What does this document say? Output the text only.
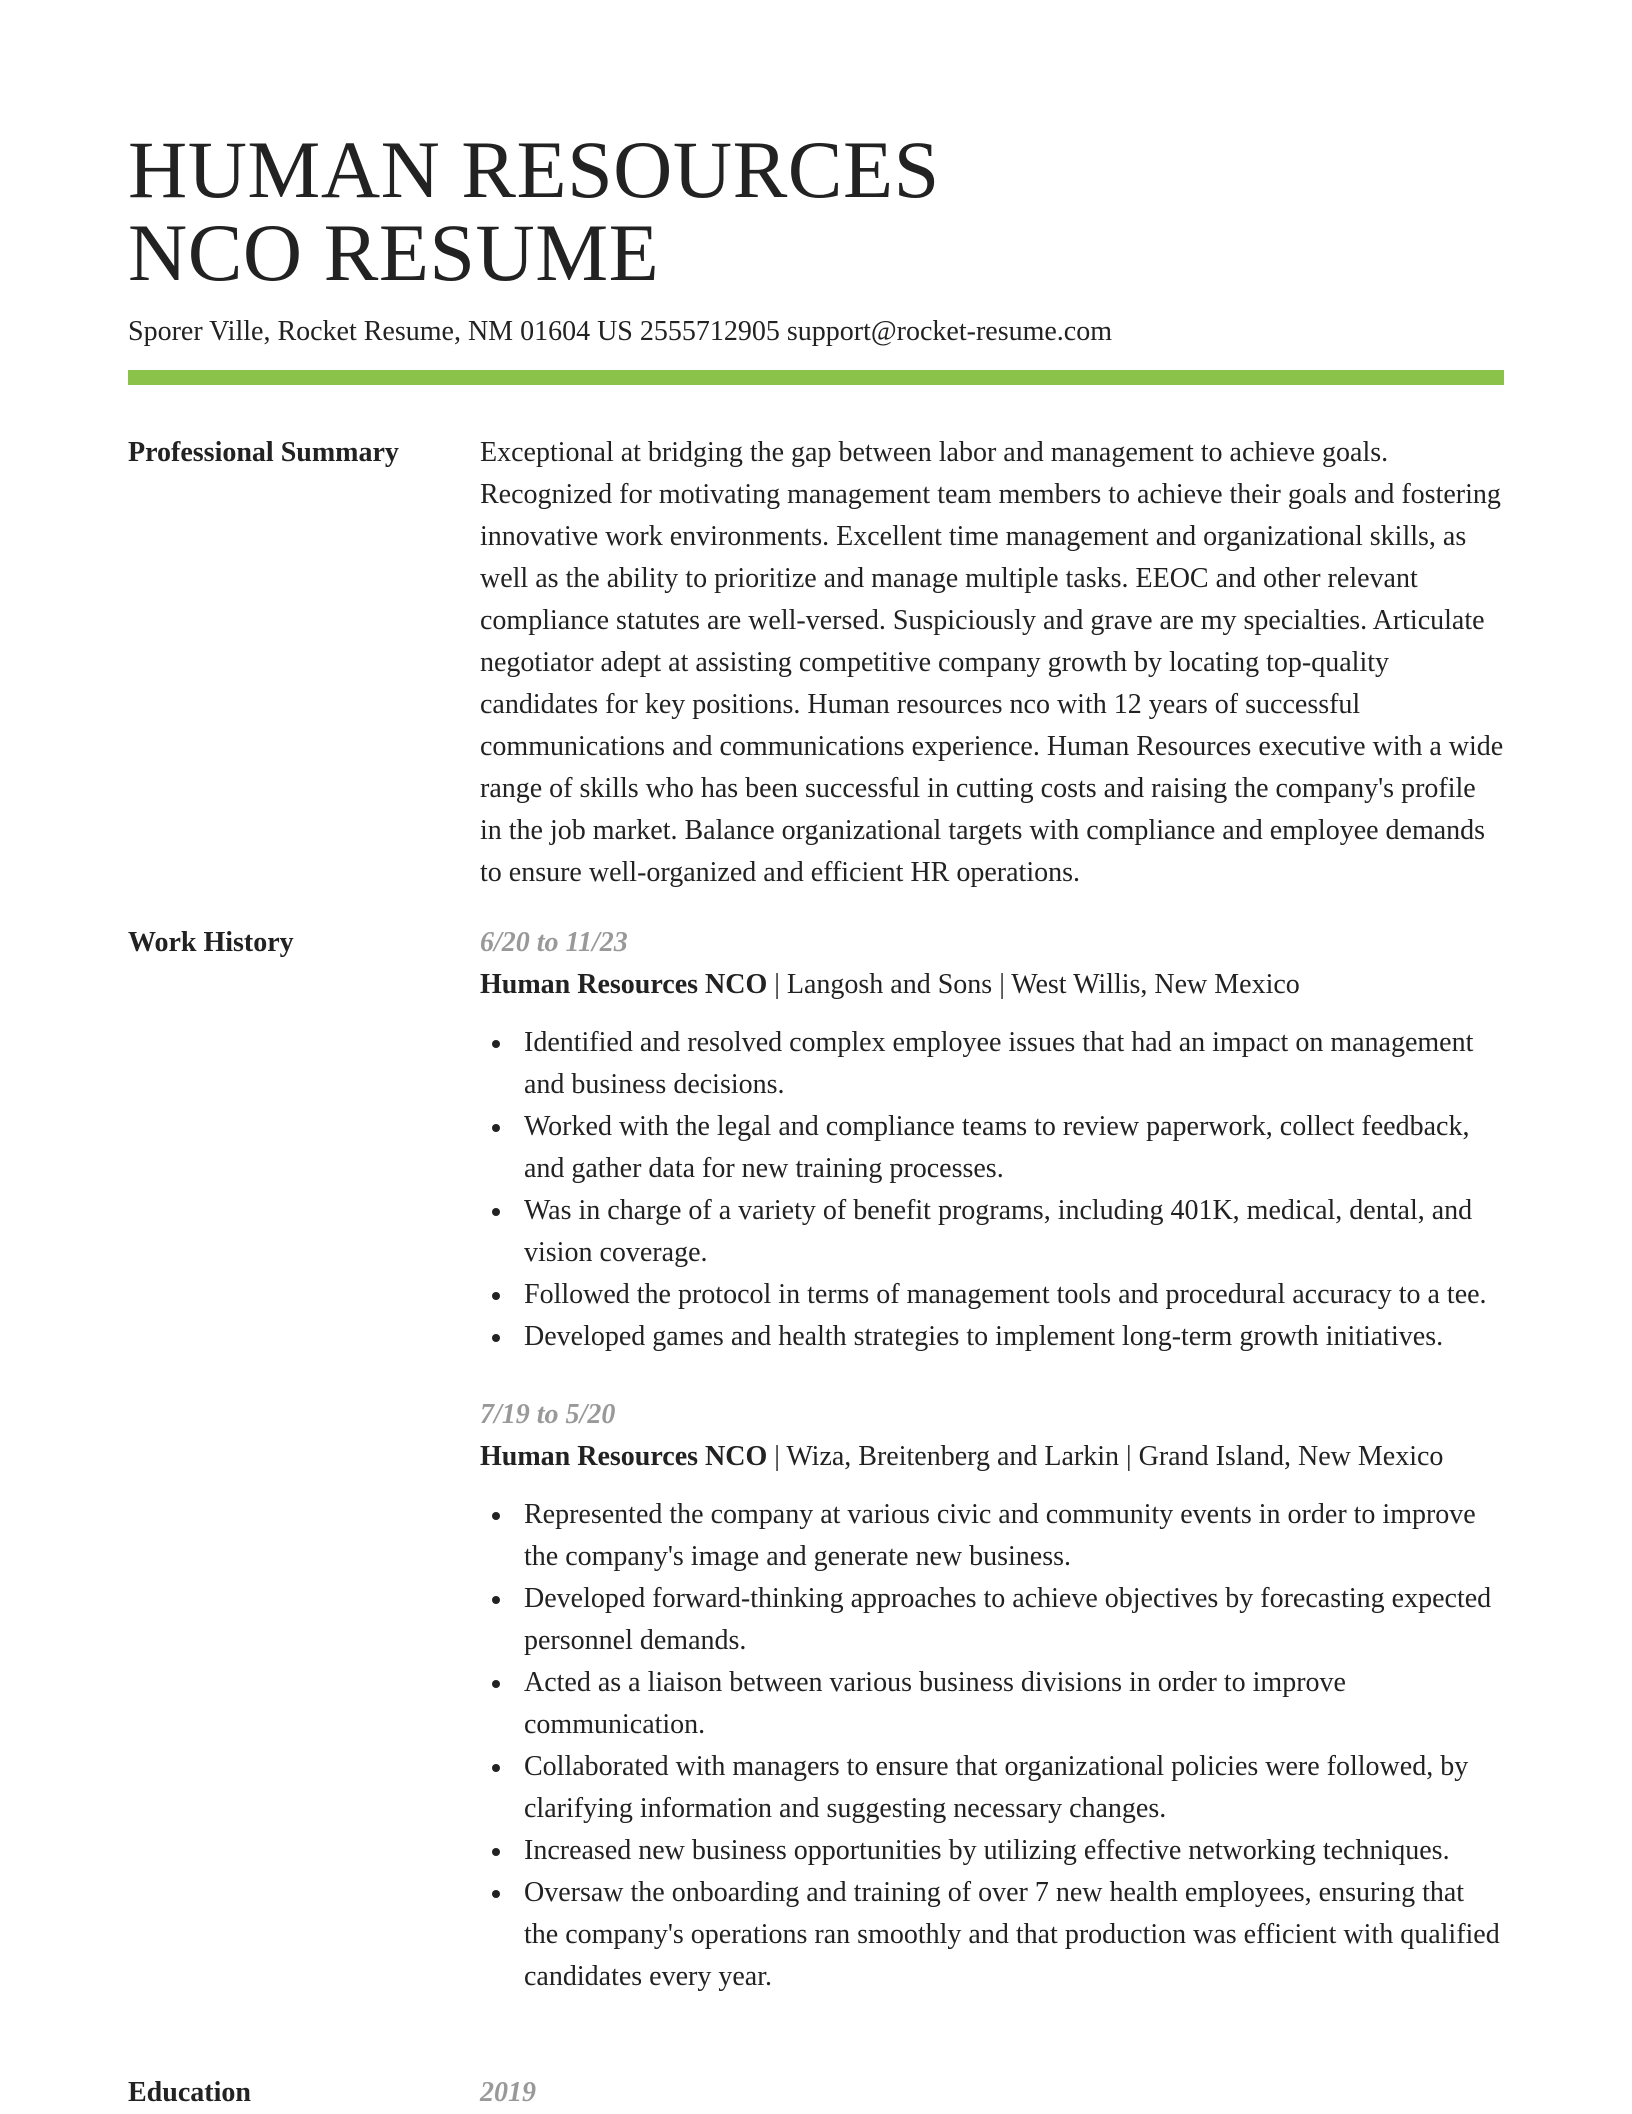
HUMAN RESOURCES
NCO RESUME
Sporer Ville, Rocket Resume, NM 01604 US 2555712905 support@rocket-resume.com
Professional Summary	Exceptional at bridging the gap between labor and management to achieve goals. Recognized for motivating management team members to achieve their goals and fostering innovative work environments. Excellent time management and organizational skills, as well as the ability to prioritize and manage multiple tasks. EEOC and other relevant compliance statutes are well-versed. Suspiciously and grave are my specialties. Articulate negotiator adept at assisting competitive company growth by locating top-quality candidates for key positions. Human resources nco with 12 years of successful communications and communications experience. Human Resources executive with a wide range of skills who has been successful in cutting costs and raising the company's profile in the job market. Balance organizational targets with compliance and employee demands to ensure well-organized and efficient HR operations.

Work History	6/20 to 11/23
Human Resources NCO | Langosh and Sons | West Willis, New Mexico
Identified and resolved complex employee issues that had an impact on management and business decisions.
Worked with the legal and compliance teams to review paperwork, collect feedback, and gather data for new training processes.
Was in charge of a variety of benefit programs, including 401K, medical, dental, and vision coverage.
Followed the protocol in terms of management tools and procedural accuracy to a tee.
Developed games and health strategies to implement long-term growth initiatives.
7/19 to 5/20
Human Resources NCO | Wiza, Breitenberg and Larkin | Grand Island, New Mexico
Represented the company at various civic and community events in order to improve the company's image and generate new business.
Developed forward-thinking approaches to achieve objectives by forecasting expected personnel demands.
Acted as a liaison between various business divisions in order to improve communication.
Collaborated with managers to ensure that organizational policies were followed, by clarifying information and suggesting necessary changes.
Increased new business opportunities by utilizing effective networking techniques.
Oversaw the onboarding and training of over 7 new health employees, ensuring that the company's operations ran smoothly and that production was efficient with qualified candidates every year.
Education	2019
